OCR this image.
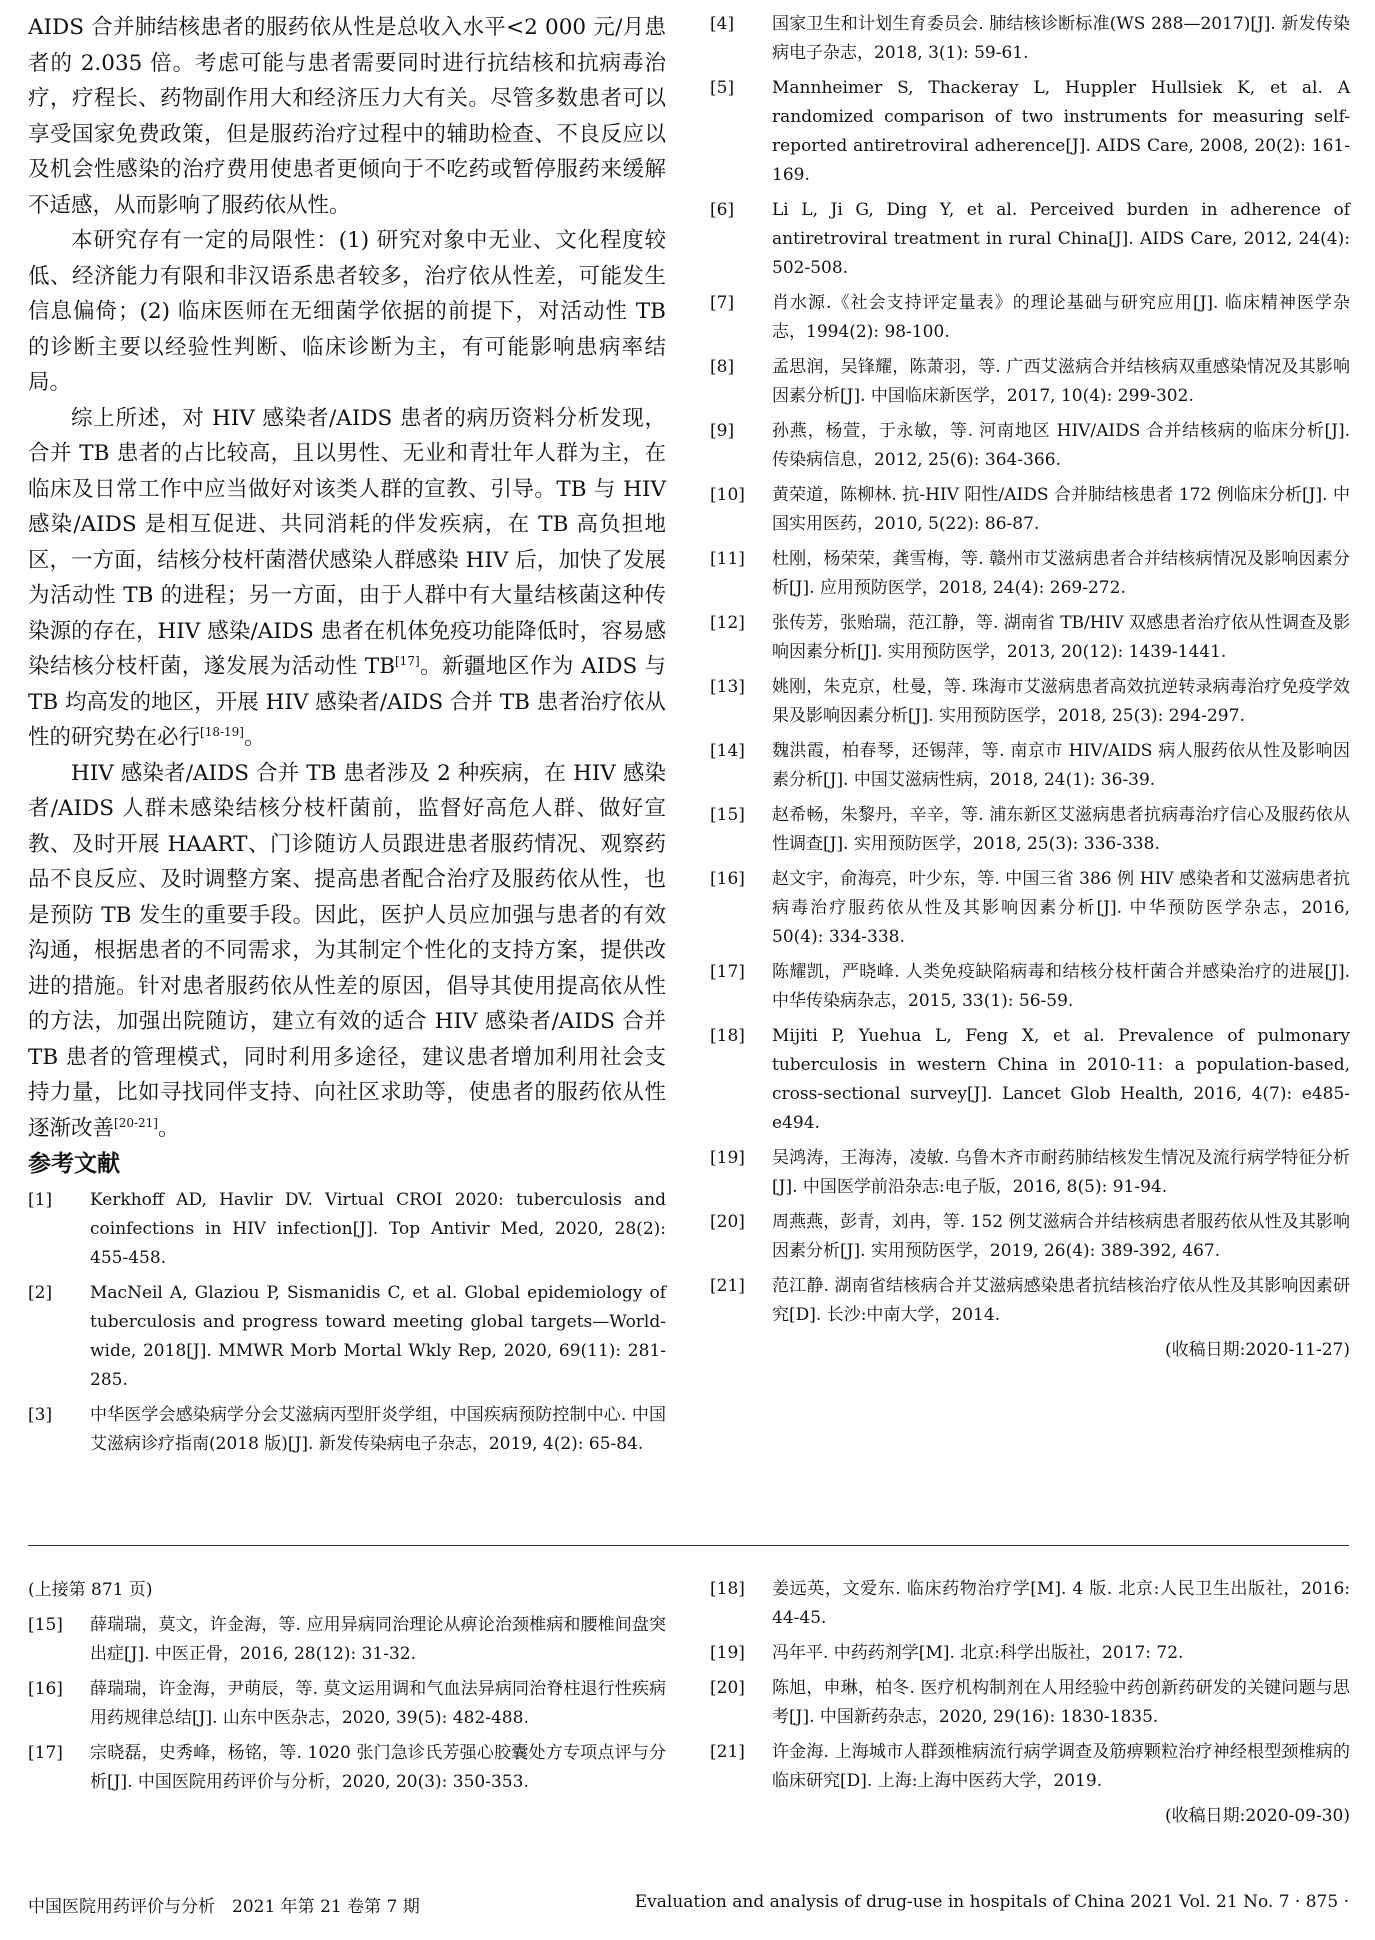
AIDS 合并肺结核患者的服药依从性是总收入水平<2 000 元/月患者的 2.035 倍。考虑可能与患者需要同时进行抗结核和抗病毒治疗，疗程长、药物副作用大和经济压力大有关。尽管多数患者可以享受国家免费政策，但是服药治疗过程中的辅助检查、不良反应以及机会性感染的治疗费用使患者更倾向于不吃药或暂停服药来缓解不适感，从而影响了服药依从性。

本研究存有一定的局限性：(1) 研究对象中无业、文化程度较低、经济能力有限和非汉语系患者较多，治疗依从性差，可能发生信息偏倚；(2) 临床医师在无细菌学依据的前提下，对活动性 TB 的诊断主要以经验性判断、临床诊断为主，有可能影响患病率结局。

综上所述，对 HIV 感染者/AIDS 患者的病历资料分析发现，合并 TB 患者的占比较高，且以男性、无业和青壮年人群为主，在临床及日常工作中应当做好对该类人群的宣教、引导。TB 与 HIV 感染/AIDS 是相互促进、共同消耗的伴发疾病，在 TB 高负担地区，一方面，结核分枝杆菌潜伏感染人群感染 HIV 后，加快了发展为活动性 TB 的进程；另一方面，由于人群中有大量结核菌这种传染源的存在，HIV 感染/AIDS 患者在机体免疫功能降低时，容易感染结核分枝杆菌，遂发展为活动性 TB[17]。新疆地区作为 AIDS 与 TB 均高发的地区，开展 HIV 感染者/AIDS 合并 TB 患者治疗依从性的研究势在必行[18-19]。

HIV 感染者/AIDS 合并 TB 患者涉及 2 种疾病，在 HIV 感染者/AIDS 人群未感染结核分枝杆菌前，监督好高危人群、做好宣教、及时开展 HAART、门诊随访人员跟进患者服药情况、观察药品不良反应、及时调整方案、提高患者配合治疗及服药依从性，也是预防 TB 发生的重要手段。因此，医护人员应加强与患者的有效沟通，根据患者的不同需求，为其制定个性化的支持方案，提供改进的措施。针对患者服药依从性差的原因，倡导其使用提高依从性的方法，加强出院随访，建立有效的适合 HIV 感染者/AIDS 合并 TB 患者的管理模式，同时利用多途径，建议患者增加利用社会支持力量，比如寻找同伴支持、向社区求助等，使患者的服药依从性逐渐改善[20-21]。

参考文献
[1]	Kerkhoff AD, Havlir DV. Virtual CROI 2020: tuberculosis and coinfections in HIV infection[J]. Top Antivir Med, 2020, 28(2): 455-458.
[2]	MacNeil A, Glaziou P, Sismanidis C, et al. Global epidemiology of tuberculosis and progress toward meeting global targets—World-wide, 2018[J]. MMWR Morb Mortal Wkly Rep, 2020, 69(11): 281-285.
[3]	中华医学会感染病学分会艾滋病丙型肝炎学组，中国疾病预防控制中心. 中国艾滋病诊疗指南(2018 版)[J]. 新发传染病电子杂志，2019, 4(2): 65-84.
[4]	国家卫生和计划生育委员会. 肺结核诊断标准(WS 288—2017)[J]. 新发传染病电子杂志，2018, 3(1): 59-61.
[5]	Mannheimer S, Thackeray L, Huppler Hullsiek K, et al. A randomized comparison of two instruments for measuring self-reported antiretroviral adherence[J]. AIDS Care, 2008, 20(2): 161-169.
[6]	Li L, Ji G, Ding Y, et al. Perceived burden in adherence of antiretroviral treatment in rural China[J]. AIDS Care, 2012, 24(4): 502-508.
[7]	肖水源.《社会支持评定量表》的理论基础与研究应用[J]. 临床精神医学杂志，1994(2): 98-100.
[8]	孟思润，吴锋耀，陈萧羽，等. 广西艾滋病合并结核病双重感染情况及其影响因素分析[J]. 中国临床新医学，2017, 10(4): 299-302.
[9]	孙燕，杨萱，于永敏，等. 河南地区 HIV/AIDS 合并结核病的临床分析[J]. 传染病信息，2012, 25(6): 364-366.
[10]	黄荣道，陈柳林. 抗-HIV 阳性/AIDS 合并肺结核患者 172 例临床分析[J]. 中国实用医药，2010, 5(22): 86-87.
[11]	杜刚，杨荣荣，龚雪梅，等. 赣州市艾滋病患者合并结核病情况及影响因素分析[J]. 应用预防医学，2018, 24(4): 269-272.
[12]	张传芳，张贻瑞，范江静，等. 湖南省 TB/HIV 双感患者治疗依从性调查及影响因素分析[J]. 实用预防医学，2013, 20(12): 1439-1441.
[13]	姚刚，朱克京，杜曼，等. 珠海市艾滋病患者高效抗逆转录病毒治疗免疫学效果及影响因素分析[J]. 实用预防医学，2018, 25(3): 294-297.
[14]	魏洪霞，柏春琴，还锡萍，等. 南京市 HIV/AIDS 病人服药依从性及影响因素分析[J]. 中国艾滋病性病，2018, 24(1): 36-39.
[15]	赵希畅，朱黎丹，辛辛，等. 浦东新区艾滋病患者抗病毒治疗信心及服药依从性调查[J]. 实用预防医学，2018, 25(3): 336-338.
[16]	赵文宇，俞海亮，叶少东，等. 中国三省 386 例 HIV 感染者和艾滋病患者抗病毒治疗服药依从性及其影响因素分析[J]. 中华预防医学杂志，2016, 50(4): 334-338.
[17]	陈耀凯，严晓峰. 人类免疫缺陷病毒和结核分枝杆菌合并感染治疗的进展[J]. 中华传染病杂志，2015, 33(1): 56-59.
[18]	Mijiti P, Yuehua L, Feng X, et al. Prevalence of pulmonary tuberculosis in western China in 2010-11: a population-based, cross-sectional survey[J]. Lancet Glob Health, 2016, 4(7): e485-e494.
[19]	吴鸿涛，王海涛，凌敏. 乌鲁木齐市耐药肺结核发生情况及流行病学特征分析[J]. 中国医学前沿杂志:电子版，2016, 8(5): 91-94.
[20]	周燕燕，彭青，刘冉，等. 152 例艾滋病合并结核病患者服药依从性及其影响因素分析[J]. 实用预防医学，2019, 26(4): 389-392, 467.
[21]	范江静. 湖南省结核病合并艾滋病感染患者抗结核治疗依从性及其影响因素研究[D]. 长沙:中南大学，2014.
(收稿日期:2020-11-27)
(上接第 871 页)
[15]	薛瑞瑞，莫文，许金海，等. 应用异病同治理论从痹论治颈椎病和腰椎间盘突出症[J]. 中医正骨，2016, 28(12): 31-32.
[16]	薛瑞瑞，许金海，尹萌辰，等. 莫文运用调和气血法异病同治脊柱退行性疾病用药规律总结[J]. 山东中医杂志，2020, 39(5): 482-488.
[17]	宗晓磊，史秀峰，杨铭，等. 1020 张门急诊氏芳强心胶囊处方专项点评与分析[J]. 中国医院用药评价与分析，2020, 20(3): 350-353.
[18]	姜远英，文爱东. 临床药物治疗学[M]. 4 版. 北京:人民卫生出版社，2016: 44-45.
[19]	冯年平. 中药药剂学[M]. 北京:科学出版社，2017: 72.
[20]	陈旭，申琳，柏冬. 医疗机构制剂在人用经验中药创新药研发的关键问题与思考[J]. 中国新药杂志，2020, 29(16): 1830-1835.
[21]	许金海. 上海城市人群颈椎病流行病学调查及筋痹颗粒治疗神经根型颈椎病的临床研究[D]. 上海:上海中医药大学，2019.
(收稿日期:2020-09-30)
中国医院用药评价与分析　2021 年第 21 卷第 7 期	Evaluation and analysis of drug-use in hospitals of China 2021 Vol. 21 No. 7 · 875 ·
